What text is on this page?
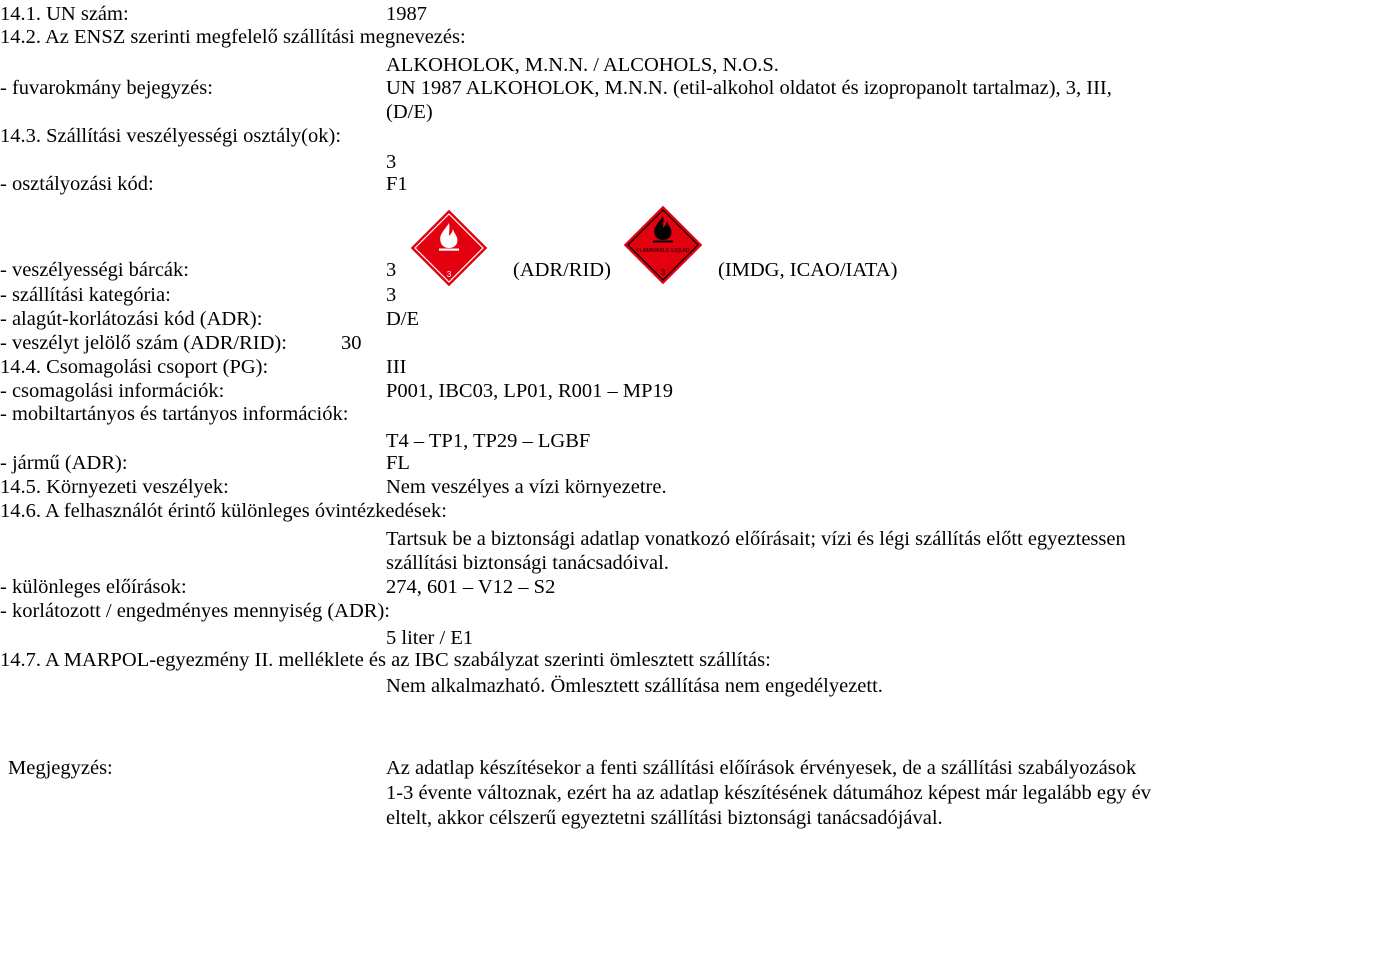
14.1. UN szám:	1987
14.2. Az ENSZ szerinti megfelelő szállítási megnevezés:
ALKOHOLOK, M.N.N. / ALCOHOLS, N.O.S.
- fuvarokmány bejegyzés:	UN 1987 ALKOHOLOK, M.N.N. (etil-alkohol oldatot és izopropanolt tartalmaz), 3, III,
(D/E)
14.3. Szállítási veszélyességi osztály(ok):
3
- osztályozási kód:	F1
3
FLAMMABLE LIQUID
3
- veszélyességi bárcák:	3	(ADR/RID)	(IMDG, ICAO/IATA)
- szállítási kategória:	3
- alagút-korlátozási kód (ADR):	D/E
- veszélyt jelölő szám (ADR/RID):	30
14.4. Csomagolási csoport (PG):	III
- csomagolási információk:	P001, IBC03, LP01, R001 – MP19
- mobiltartányos és tartányos információk:
T4 – TP1, TP29 – LGBF
- jármű (ADR):	FL
14.5. Környezeti veszélyek:	Nem veszélyes a vízi környezetre.
14.6. A felhasználót érintő különleges óvintézkedések:
Tartsuk be a biztonsági adatlap vonatkozó előírásait; vízi és légi szállítás előtt egyeztessen
szállítási biztonsági tanácsadóival.
- különleges előírások:	274, 601 – V12 – S2
- korlátozott / engedményes mennyiség (ADR):
5 liter / E1
14.7. A MARPOL-egyezmény II. melléklete és az IBC szabályzat szerinti ömlesztett szállítás:
Nem alkalmazható. Ömlesztett szállítása nem engedélyezett.
Megjegyzés:	Az adatlap készítésekor a fenti szállítási előírások érvényesek, de a szállítási szabályozások
1-3 évente változnak, ezért ha az adatlap készítésének dátumához képest már legalább egy év
eltelt, akkor célszerű egyeztetni szállítási biztonsági tanácsadójával.
